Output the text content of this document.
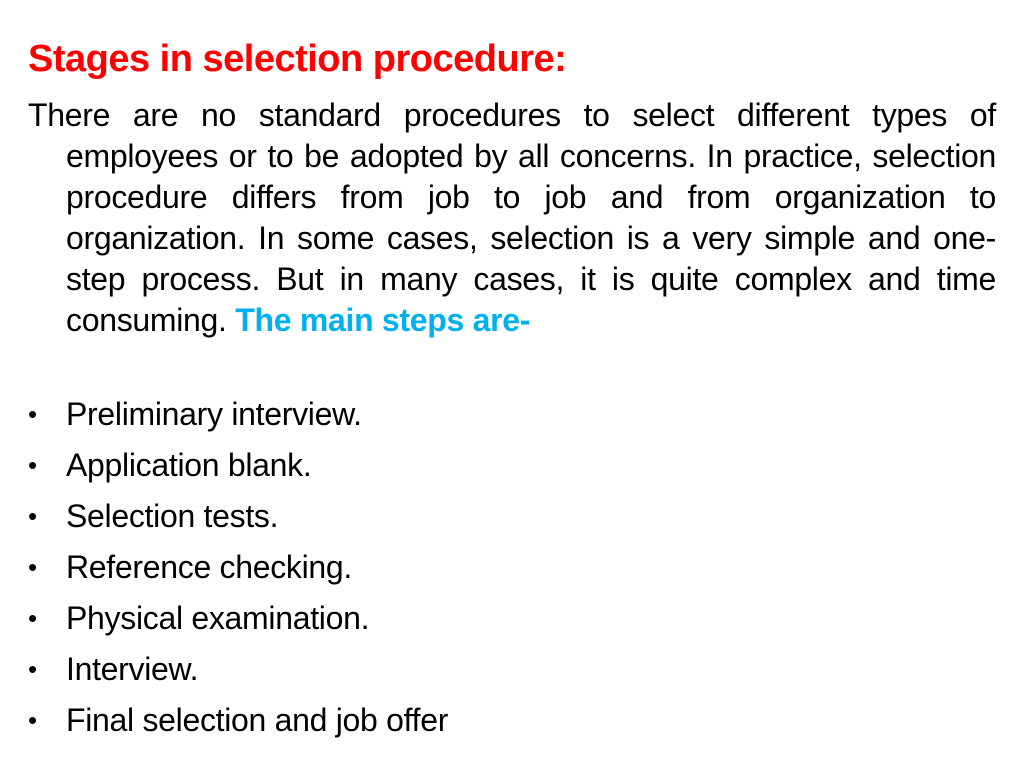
Stages in selection procedure:

There are no standard procedures to select different types of employees or to be adopted by all concerns. In practice, selection procedure differs from job to job and from organization to organization. In some cases, selection is a very simple and one-step process. But in many cases, it is quite complex and time consuming. The main steps are-

• Preliminary interview.
• Application blank.
• Selection tests.
• Reference checking.
• Physical examination.
• Interview.
• Final selection and job offer
